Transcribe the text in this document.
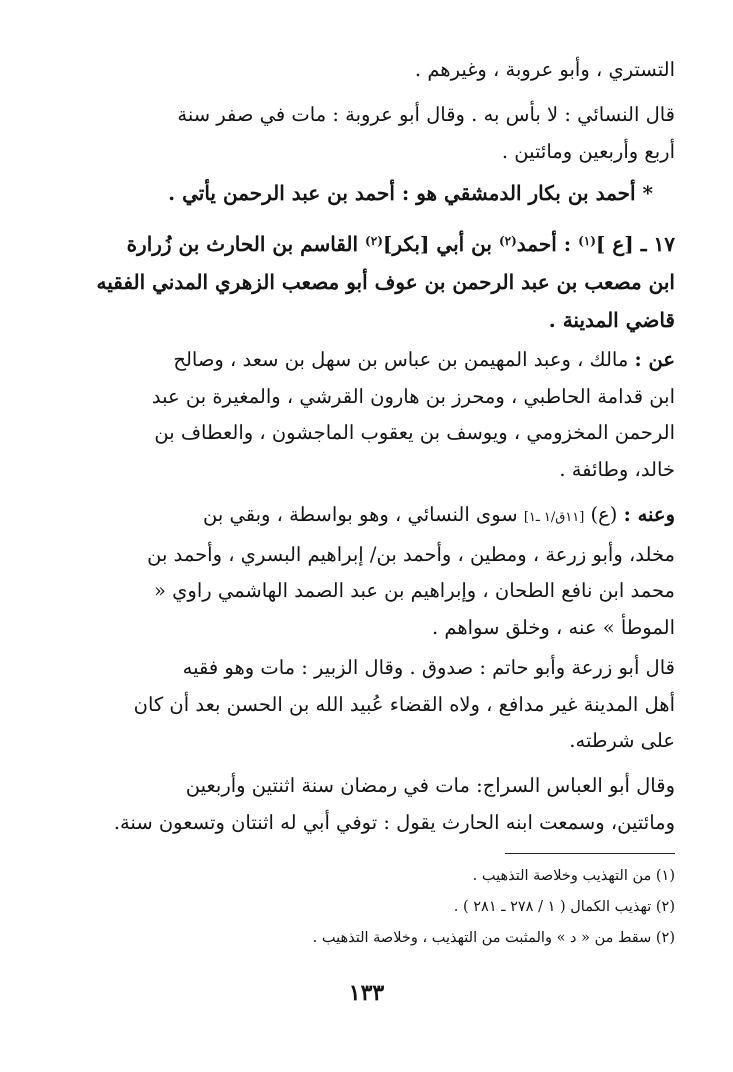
التستري ، وأبو عروبة ، وغيرهم .

قال النسائي : لا بأس به . وقال أبو عروبة : مات في صفر سنة
أربع وأربعين ومائتين .

* أحمد بن بكار الدمشقي هو : أحمد بن عبد الرحمن يأتي .

١٧ ـ [ع ]$^{(١)}$ : أحمد$^{(٢)}$ بن أبي [بكر]$^{(٢)}$ القاسم بن الحارث بن زُرارة
ابن مصعب بن عبد الرحمن بن عوف أبو مصعب الزهري المدني الفقيه
قاضي المدينة .

عن : مالك ، وعبد المهيمن بن عباس بن سهل بن سعد ، وصالح
ابن قدامة الحاطبي ، ومحرز بن هارون القرشي ، والمغيرة بن عبد
الرحمن المخزومي ، ويوسف بن يعقوب الماجشون ، والعطاف بن
خالد، وطائفة .

وعنه : (ع) [١١ق/١ ـ١] سوى النسائي ، وهو بواسطة ، وبقي بن
مخلد، وأبو زرعة ، ومطين ، وأحمد بن/ إبراهيم البسري ، وأحمد بن
محمد ابن نافع الطحان ، وإبراهيم بن عبد الصمد الهاشمي راوي «
الموطأ » عنه ، وخلق سواهم .

قال أبو زرعة وأبو حاتم : صدوق . وقال الزبير : مات وهو فقيه
أهل المدينة غير مدافع ، ولاه القضاء عُبيد الله بن الحسن بعد أن كان
على شرطته.

وقال أبو العباس السراج: مات في رمضان سنة اثنتين وأربعين
ومائتين، وسمعت ابنه الحارث يقول : توفي أبي له اثنتان وتسعون سنة.

(١) من التهذيب وخلاصة التذهيب .
(٢) تهذيب الكمال ( ١ / ٢٧٨ ـ ٢٨١ ) .
(٢) سقط من « د » والمثبت من التهذيب ، وخلاصة التذهيب .
١٣٣
